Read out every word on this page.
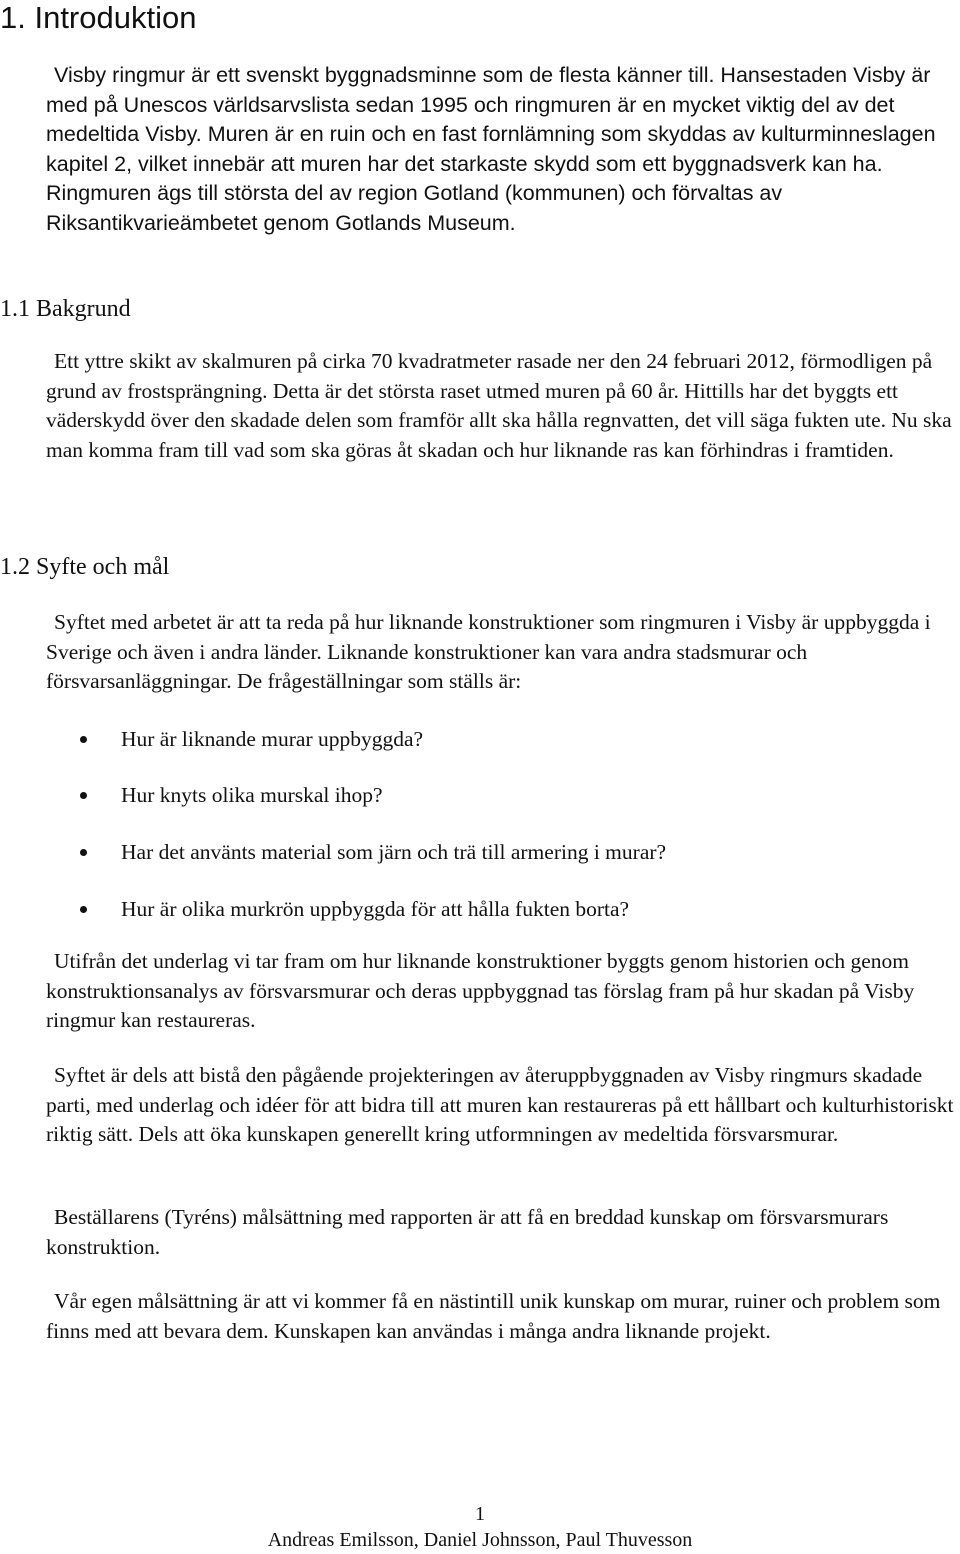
1. Introduktion

Visby ringmur är ett svenskt byggnadsminne som de flesta känner till. Hansestaden Visby är med på Unescos världsarvslista sedan 1995 och ringmuren är en mycket viktig del av det medeltida Visby. Muren är en ruin och en fast fornlämning som skyddas av kulturminneslagen kapitel 2, vilket innebär att muren har det starkaste skydd som ett byggnadsverk kan ha. Ringmuren ägs till största del av region Gotland (kommunen) och förvaltas av Riksantikvarieämbetet genom Gotlands Museum.

1.1 Bakgrund

Ett yttre skikt av skalmuren på cirka 70 kvadratmeter rasade ner den 24 februari 2012, förmodligen på grund av frostsprängning. Detta är det största raset utmed muren på 60 år. Hittills har det byggts ett väderskydd över den skadade delen som framför allt ska hålla regnvatten, det vill säga fukten ute. Nu ska man komma fram till vad som ska göras åt skadan och hur liknande ras kan förhindras i framtiden.

1.2 Syfte och mål

Syftet med arbetet är att ta reda på hur liknande konstruktioner som ringmuren i Visby är uppbyggda i Sverige och även i andra länder. Liknande konstruktioner kan vara andra stadsmurar och försvarsanläggningar. De frågeställningar som ställs är:

Hur är liknande murar uppbyggda?
Hur knyts olika murskal ihop?
Har det använts material som järn och trä till armering i murar?
Hur är olika murkrön uppbyggda för att hålla fukten borta?

Utifrån det underlag vi tar fram om hur liknande konstruktioner byggts genom historien och genom konstruktionsanalys av försvarsmurar och deras uppbyggnad tas förslag fram på hur skadan på Visby ringmur kan restaureras.

Syftet är dels att bistå den pågående projekteringen av återuppbyggnaden av Visby ringmurs skadade parti, med underlag och idéer för att bidra till att muren kan restaureras på ett hållbart och kulturhistoriskt riktig sätt. Dels att öka kunskapen generellt kring utformningen av medeltida försvarsmurar.

Beställarens (Tyréns) målsättning med rapporten är att få en breddad kunskap om försvarsmurars konstruktion.

Vår egen målsättning är att vi kommer få en nästintill unik kunskap om murar, ruiner och problem som finns med att bevara dem. Kunskapen kan användas i många andra liknande projekt.

1
Andreas Emilsson, Daniel Johnsson, Paul Thuvesson
